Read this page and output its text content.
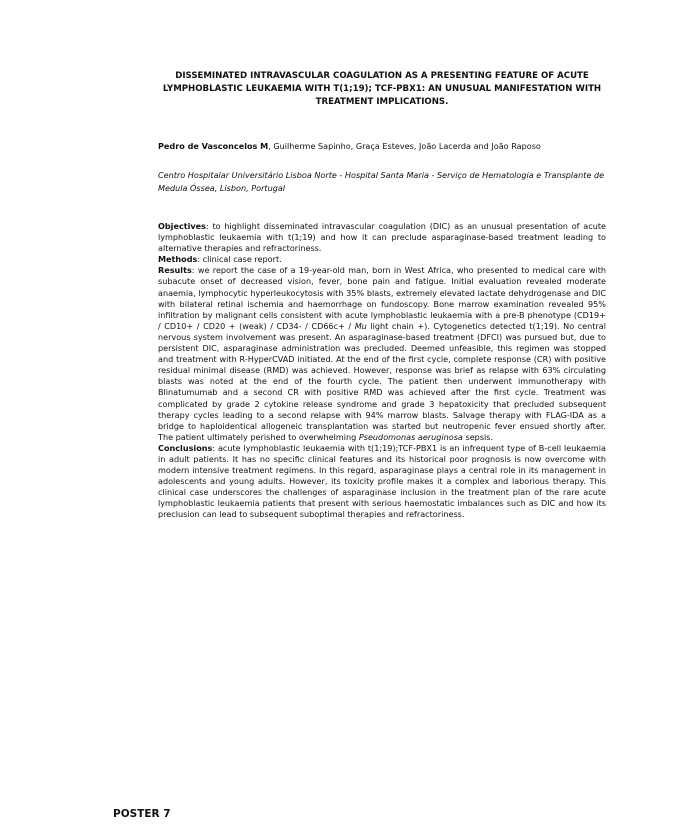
DISSEMINATED INTRAVASCULAR COAGULATION AS A PRESENTING FEATURE OF ACUTE LYMPHOBLASTIC LEUKAEMIA WITH T(1;19); TCF-PBX1: AN UNUSUAL MANIFESTATION WITH TREATMENT IMPLICATIONS.
Pedro de Vasconcelos M, Guilherme Sapinho, Graça Esteves, João Lacerda and João Raposo
Centro Hospitalar Universitário Lisboa Norte - Hospital Santa Maria - Serviço de Hematologia e Transplante de Medula Óssea, Lisbon, Portugal

Objectives: to highlight disseminated intravascular coagulation (DIC) as an unusual presentation of acute lymphoblastic leukaemia with t(1;19) and how it can preclude asparaginase-based treatment leading to alternative therapies and refractoriness.

Methods: clinical case report.

Results: we report the case of a 19-year-old man, born in West Africa, who presented to medical care with subacute onset of decreased vision, fever, bone pain and fatigue. Initial evaluation revealed moderate anaemia, lymphocytic hyperleukocytosis with 35% blasts, extremely elevated lactate dehydrogenase and DIC with bilateral retinal ischemia and haemorrhage on fundoscopy. Bone marrow examination revealed 95% infiltration by malignant cells consistent with acute lymphoblastic leukaemia with a pre-B phenotype (CD19+ / CD10+ / CD20 + (weak) / CD34- / CD66c+ / Mu light chain +). Cytogenetics detected t(1;19). No central nervous system involvement was present. An asparaginase-based treatment (DFCI) was pursued but, due to persistent DIC, asparaginase administration was precluded. Deemed unfeasible, this regimen was stopped and treatment with R-HyperCVAD initiated. At the end of the first cycle, complete response (CR) with positive residual minimal disease (RMD) was achieved. However, response was brief as relapse with 63% circulating blasts was noted at the end of the fourth cycle. The patient then underwent immunotherapy with Blinatumumab and a second CR with positive RMD was achieved after the first cycle. Treatment was complicated by grade 2 cytokine release syndrome and grade 3 hepatoxicity that precluded subsequent therapy cycles leading to a second relapse with 94% marrow blasts. Salvage therapy with FLAG-IDA as a bridge to haploidentical allogeneic transplantation was started but neutropenic fever ensued shortly after. The patient ultimately perished to overwhelming Pseudomonas aeruginosa sepsis.

Conclusions: acute lymphoblastic leukaemia with t(1;19);TCF-PBX1 is an infrequent type of B-cell leukaemia in adult patients. It has no specific clinical features and its historical poor prognosis is now overcome with modern intensive treatment regimens. In this regard, asparaginase plays a central role in its management in adolescents and young adults. However, its toxicity profile makes it a complex and laborious therapy. This clinical case underscores the challenges of asparaginase inclusion in the treatment plan of the rare acute lymphoblastic leukaemia patients that present with serious haemostatic imbalances such as DIC and how its preclusion can lead to subsequent suboptimal therapies and refractoriness.

POSTER 7
